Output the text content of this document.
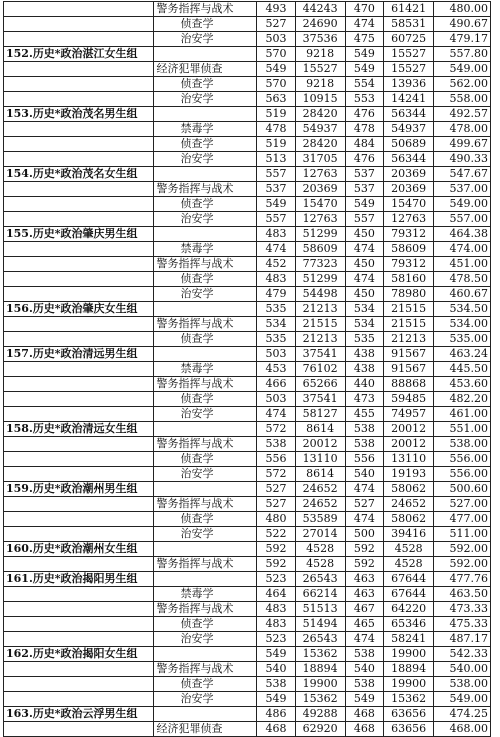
	警务指挥与战术	493	44243	470	61421	480.00
	侦查学	527	24690	474	58531	490.67
	治安学	503	37536	475	60725	479.17
152.历史*政治湛江女生组		570	9218	549	15527	557.80
	经济犯罪侦查	549	15527	549	15527	549.00
	侦查学	570	9218	554	13936	562.00
	治安学	563	10915	553	14241	558.00
153.历史*政治茂名男生组		519	28420	476	56344	492.57
	禁毒学	478	54937	478	54937	478.00
	侦查学	519	28420	484	50689	499.67
	治安学	513	31705	476	56344	490.33
154.历史*政治茂名女生组		557	12763	537	20369	547.67
	警务指挥与战术	537	20369	537	20369	537.00
	侦查学	549	15470	549	15470	549.00
	治安学	557	12763	557	12763	557.00
155.历史*政治肇庆男生组		483	51299	450	79312	464.38
	禁毒学	474	58609	474	58609	474.00
	警务指挥与战术	452	77323	450	79312	451.00
	侦查学	483	51299	474	58160	478.50
	治安学	479	54498	450	78980	460.67
156.历史*政治肇庆女生组		535	21213	534	21515	534.50
	警务指挥与战术	534	21515	534	21515	534.00
	侦查学	535	21213	535	21213	535.00
157.历史*政治清远男生组		503	37541	438	91567	463.24
	禁毒学	453	76102	438	91567	445.50
	警务指挥与战术	466	65266	440	88868	453.60
	侦查学	503	37541	473	59485	482.20
	治安学	474	58127	455	74957	461.00
158.历史*政治清远女生组		572	8614	538	20012	551.00
	警务指挥与战术	538	20012	538	20012	538.00
	侦查学	556	13110	556	13110	556.00
	治安学	572	8614	540	19193	556.00
159.历史*政治潮州男生组		527	24652	474	58062	500.60
	警务指挥与战术	527	24652	527	24652	527.00
	侦查学	480	53589	474	58062	477.00
	治安学	522	27014	500	39416	511.00
160.历史*政治潮州女生组		592	4528	592	4528	592.00
	警务指挥与战术	592	4528	592	4528	592.00
161.历史*政治揭阳男生组		523	26543	463	67644	477.76
	禁毒学	464	66214	463	67644	463.50
	警务指挥与战术	483	51513	467	64220	473.33
	侦查学	483	51494	465	65346	475.33
	治安学	523	26543	474	58241	487.17
162.历史*政治揭阳女生组		549	15362	538	19900	542.33
	警务指挥与战术	540	18894	540	18894	540.00
	侦查学	538	19900	538	19900	538.00
	治安学	549	15362	549	15362	549.00
163.历史*政治云浮男生组		486	49288	468	63656	474.25
	经济犯罪侦查	468	62920	468	63656	468.00
